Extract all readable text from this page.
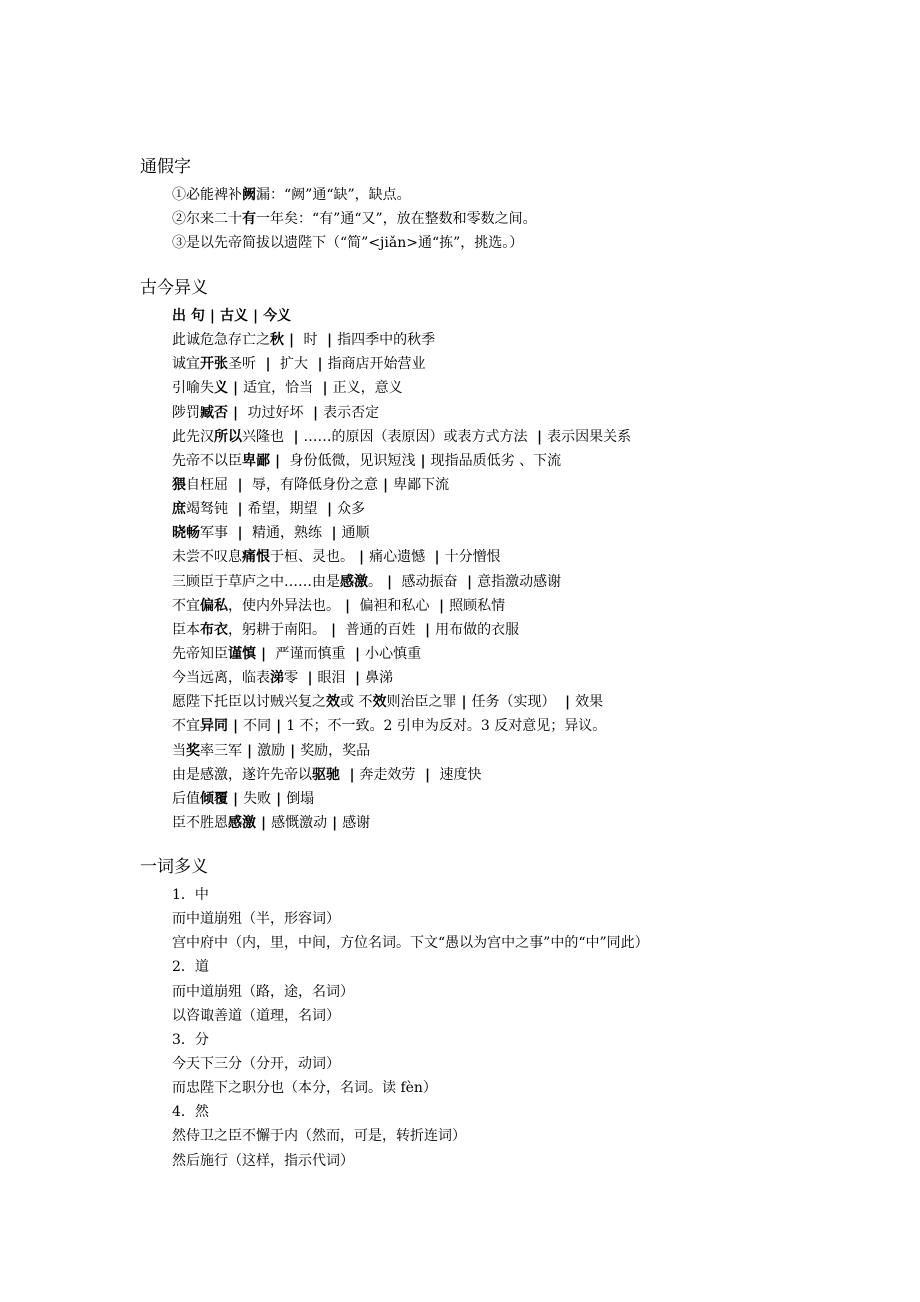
通假字
①必能裨补阙漏：“阙”通“缺”，缺点。
②尔来二十有一年矣：“有”通“又”，放在整数和零数之间。
③是以先帝简拔以遗陛下（“简”<jiǎn>通“拣”，挑选。）
古今异义
出 句 | 古义 | 今义
此诚危急存亡之秋| 时 |指四季中的秋季
诚宜开张圣听 | 扩大 |指商店开始营业
引喻失义 | 适宜，恰当 |正义，意义
陟罚臧否| 功过好坏 |表示否定
此先汉所以兴隆也 |……的原因（表原因）或表方式方法 |表示因果关系
先帝不以臣卑鄙| 身份低微，见识短浅 | 现指品质低劣 、下流
猥自枉屈 | 辱，有降低身份之意 | 卑鄙下流
庶竭驽钝 |希望，期望 |众多
晓畅军事 | 精通，熟练 |通顺
未尝不叹息痛恨于桓、灵也。 | 痛心遗憾 |十分憎恨
三顾臣于草庐之中……由是感激。| 感动振奋 |意指激动感谢
不宜偏私，使内外异法也。| 偏袒和私心 |照顾私情
臣本布衣，躬耕于南阳。| 普通的百姓 |用布做的衣服
先帝知臣谨慎| 严谨而慎重 |小心慎重
今当远离，临表涕零 |眼泪 |鼻涕
愿陛下托臣以讨贼兴复之效或 不效则治臣之罪 | 任务（实现） |效果
不宜异同 | 不同 | 1 不；不一致。2 引申为反对。3 反对意见；异议。
当奖率三军 | 激励 | 奖励，奖品
由是感激，遂许先帝以驱驰 | 奔走效劳 | 速度快
后值倾覆 | 失败 | 倒塌
臣不胜恩感激 | 感慨激动 | 感谢
一词多义
1．中
而中道崩殂（半，形容词）
宫中府中（内，里，中间，方位名词。下文“愚以为宫中之事”中的“中”同此）
2．道
而中道崩殂（路，途，名词）
以咨诹善道（道理，名词）
3．分
今天下三分（分开，动词）
而忠陛下之职分也（本分，名词。读 fèn）
4．然
然侍卫之臣不懈于内（然而，可是，转折连词）
然后施行（这样，指示代词）
